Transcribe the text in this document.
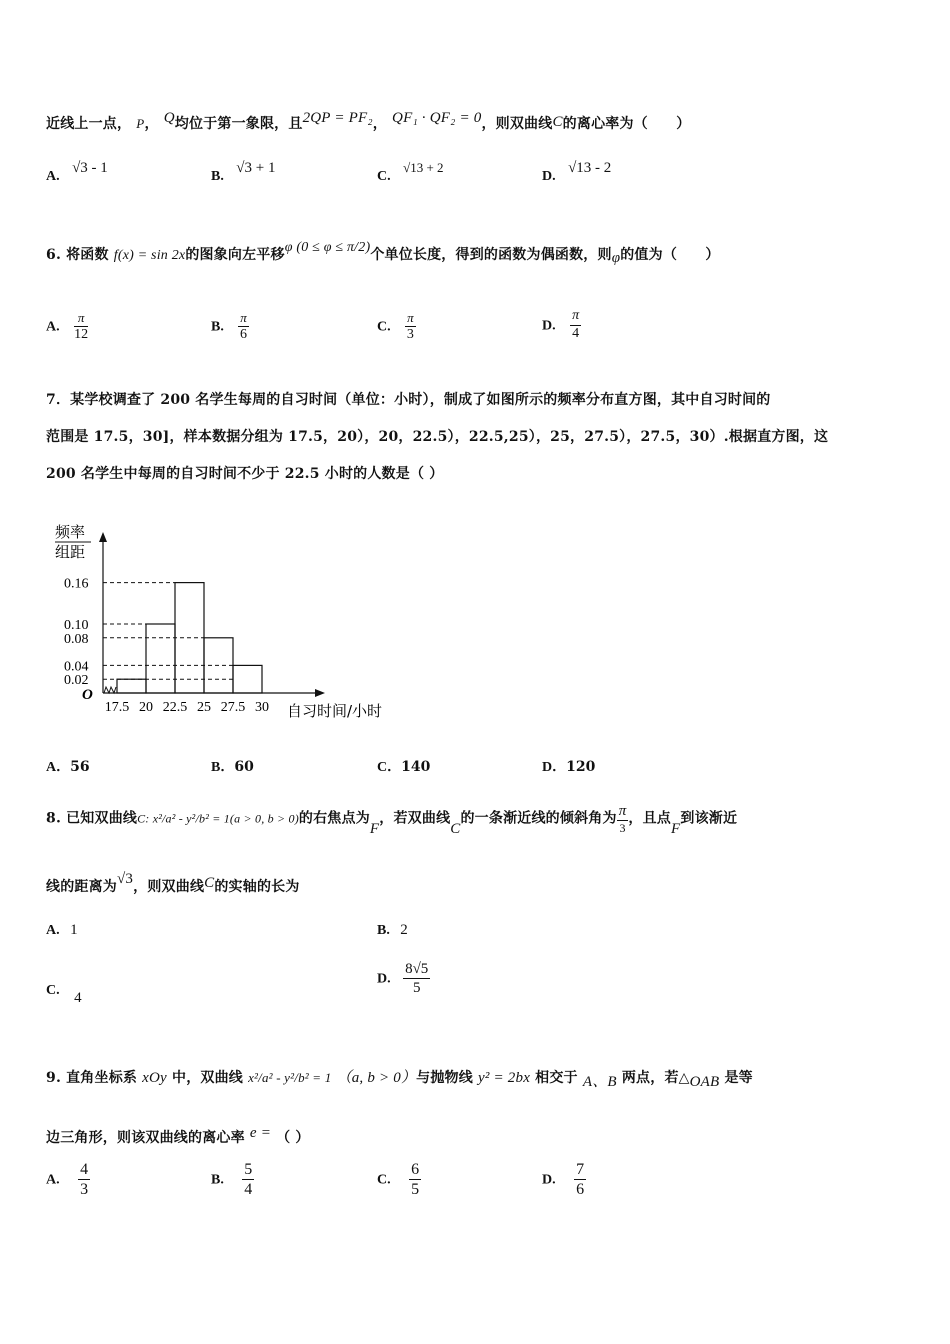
近线上一点， P， Q均位于第一象限，且2QP = PF₂， QF₁ · QF₂ = 0，则双曲线C的离心率为（　　）
A. √3 - 1
B. √3 + 1
C. √13 + 2
D. √13 - 2
6. 将函数 f(x) = sin 2x的图象向左平移φ (0 ≤ φ ≤ π/2)个单位长度，得到的函数为偶函数，则φ的值为（　　）
A. $\frac{\pi}{12}$	B. $\frac{\pi}{6}$	C. $\frac{\pi}{3}$	D. $\frac{\pi}{4}$
7．某学校调查了 200 名学生每周的自习时间（单位：小时），制成了如图所示的频率分布直方图，其中自习时间的
范围是 17.5，30]，样本数据分组为 17.5，20），20，22.5），22.5,25），25，27.5），27.5，30）.根据直方图，这
200 名学生中每周的自习时间不少于 22.5 小时的人数是（ ）
频率
组距
O
自习时间/小时
0.16
0.10
0.08
0.04
0.02
17.5 20 22.5 25 27.5 30
A．56	B．60	C．140	D．120
8. 已知双曲线C: x²/a² - y²/b² = 1(a > 0, b > 0)的右焦点为F，若双曲线C的一条渐近线的倾斜角为 $\frac{\pi}{3}$ ，且点F到该渐近
线的距离为√3，则双曲线C的实轴的长为
A. 1	B. 2
C. 4
D. $\frac{8√5}{5}$
9. 直角坐标系 xOy 中，双曲线 x²/a² - y²/b² = 1 （a, b > 0）与抛物线 y² = 2bx 相交于 A、B 两点，若△OAB 是等
边三角形，则该双曲线的离心率 e = （ ）
A. $\frac{4}{3}$	B. $\frac{5}{4}$	C. $\frac{6}{5}$	D. $\frac{7}{6}$
